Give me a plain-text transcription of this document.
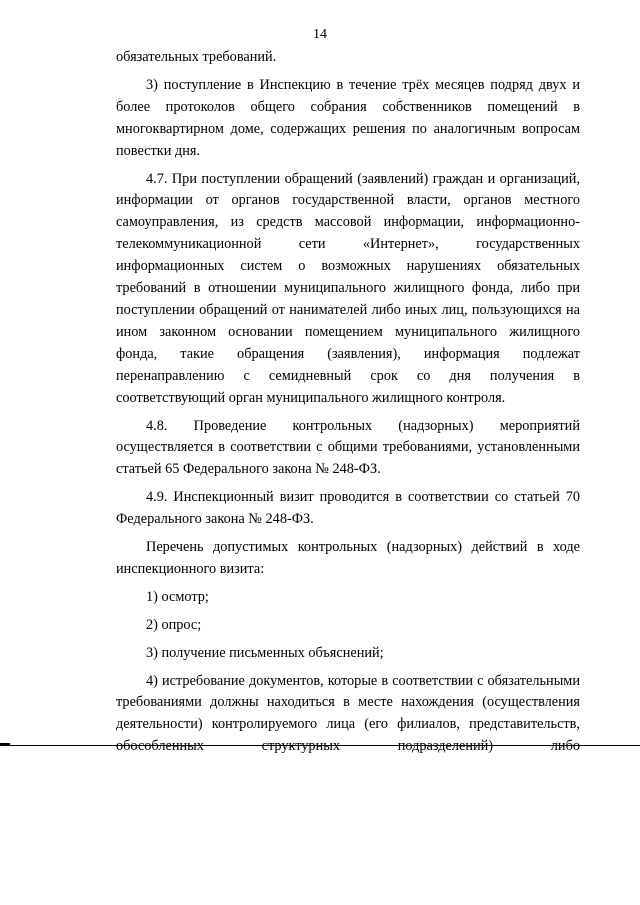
14

обязательных требований.

3) поступление в Инспекцию в течение трёх месяцев подряд двух и более протоколов общего собрания собственников помещений в многоквартирном доме, содержащих решения по аналогичным вопросам повестки дня.

4.7. При поступлении обращений (заявлений) граждан и организаций, информации от органов государственной власти, органов местного самоуправления, из средств массовой информации, информационно-телекоммуникационной сети «Интернет», государственных информационных систем о возможных нарушениях обязательных требований в отношении муниципального жилищного фонда, либо при поступлении обращений от нанимателей либо иных лиц, пользующихся на ином законном основании помещением муниципального жилищного фонда, такие обращения (заявления), информация подлежат перенаправлению с семидневный срок со дня получения в соответствующий орган муниципального жилищного контроля.

4.8. Проведение контрольных (надзорных) мероприятий осуществляется в соответствии с общими требованиями, установленными статьей 65 Федерального закона № 248-ФЗ.

4.9. Инспекционный визит проводится в соответствии со статьей 70 Федерального закона № 248-ФЗ.

Перечень допустимых контрольных (надзорных) действий в ходе инспекционного визита:

1) осмотр;

2) опрос;

3) получение письменных объяснений;

4) истребование документов, которые в соответствии с обязательными требованиями должны находиться в месте нахождения (осуществления деятельности) контролируемого лица (его филиалов, представительств, обособленных структурных подразделений) либо
